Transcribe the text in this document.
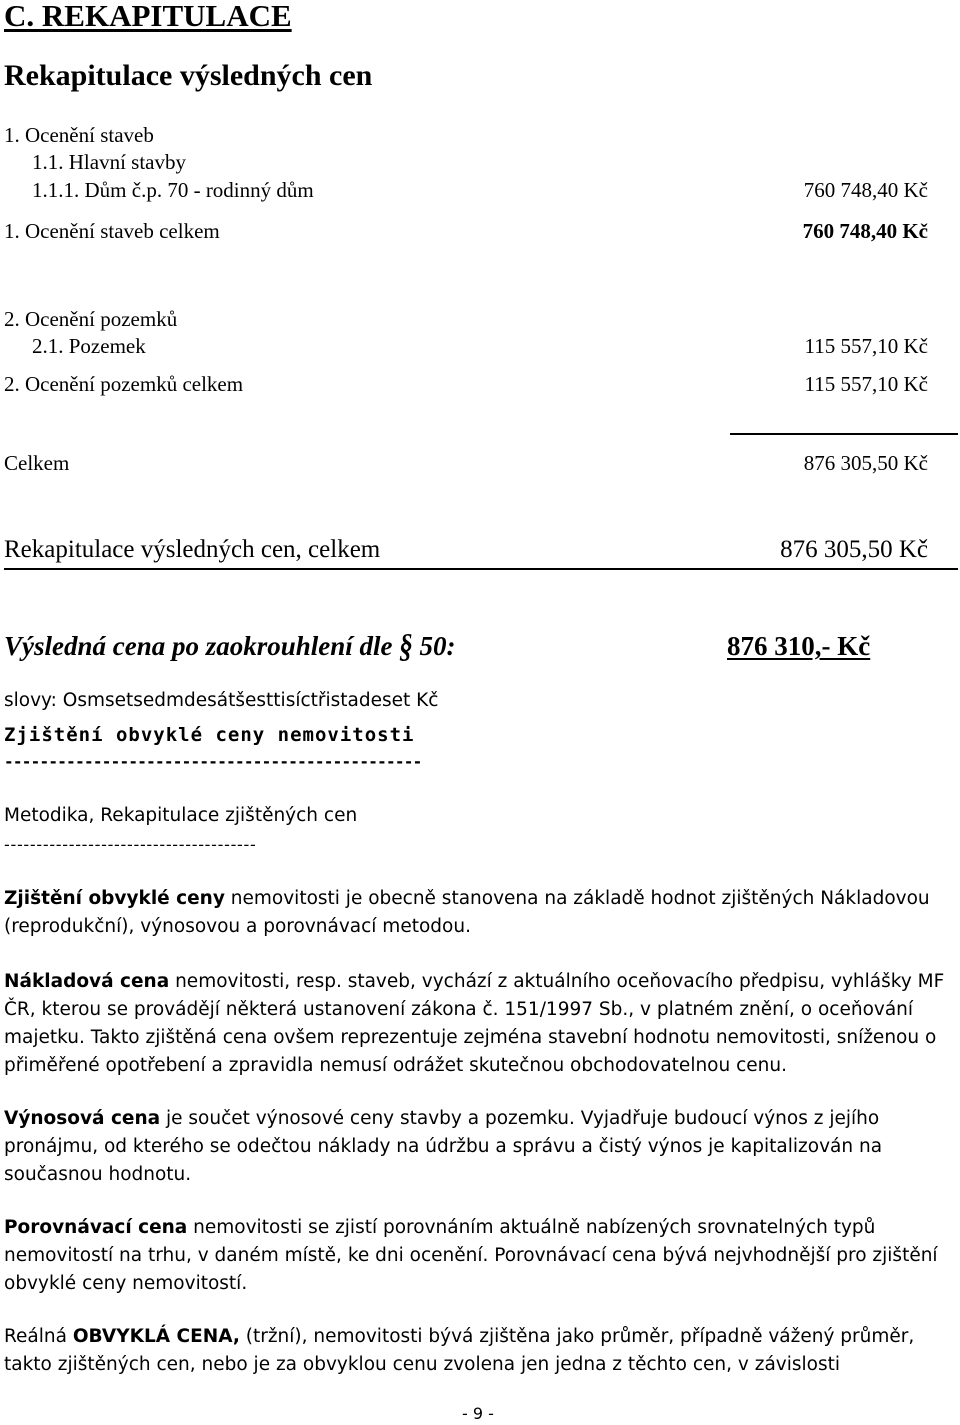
C. REKAPITULACE
Rekapitulace výsledných cen
1. Ocenění staveb
1.1. Hlavní stavby
1.1.1. Dům č.p. 70 - rodinný dům	760 748,40 Kč
1. Ocenění staveb celkem	760 748,40 Kč
2. Ocenění pozemků
2.1. Pozemek	115 557,10 Kč
2. Ocenění pozemků celkem	115 557,10 Kč
Celkem	876 305,50 Kč
Rekapitulace výsledných cen, celkem	876 305,50 Kč
Výsledná cena po zaokrouhlení dle § 50:	876 310,- Kč
slovy: Osmsetsedmdesátšesttisíctřistadeset Kč
Zjištění obvyklé ceny nemovitosti
-----------------------------------------------
Metodika, Rekapitulace zjištěných cen
---------------------------------------

Zjištění obvyklé ceny nemovitosti je obecně stanovena na základě hodnot zjištěných Nákladovou (reprodukční), výnosovou a porovnávací metodou.

Nákladová cena nemovitosti, resp. staveb, vychází z aktuálního oceňovacího předpisu, vyhlášky MF ČR, kterou se provádějí některá ustanovení zákona č. 151/1997 Sb., v platném znění, o oceňování majetku. Takto zjištěná cena ovšem reprezentuje zejména stavební hodnotu nemovitosti, sníženou o přiměřené opotřebení a zpravidla nemusí odrážet skutečnou obchodovatelnou cenu.

Výnosová cena je součet výnosové ceny stavby a pozemku. Vyjadřuje budoucí výnos z jejího pronájmu, od kterého se odečtou náklady na údržbu a správu a čistý výnos je kapitalizován na současnou hodnotu.

Porovnávací cena nemovitosti se zjistí porovnáním aktuálně nabízených srovnatelných typů nemovitostí na trhu, v daném místě, ke dni ocenění. Porovnávací cena bývá nejvhodnější pro zjištění obvyklé ceny nemovitostí.

Reálná OBVYKLÁ CENA, (tržní), nemovitosti bývá zjištěna jako průměr, případně vážený průměr, takto zjištěných cen, nebo je za obvyklou cenu zvolena jen jedna z těchto cen, v závislosti

- 9 -
